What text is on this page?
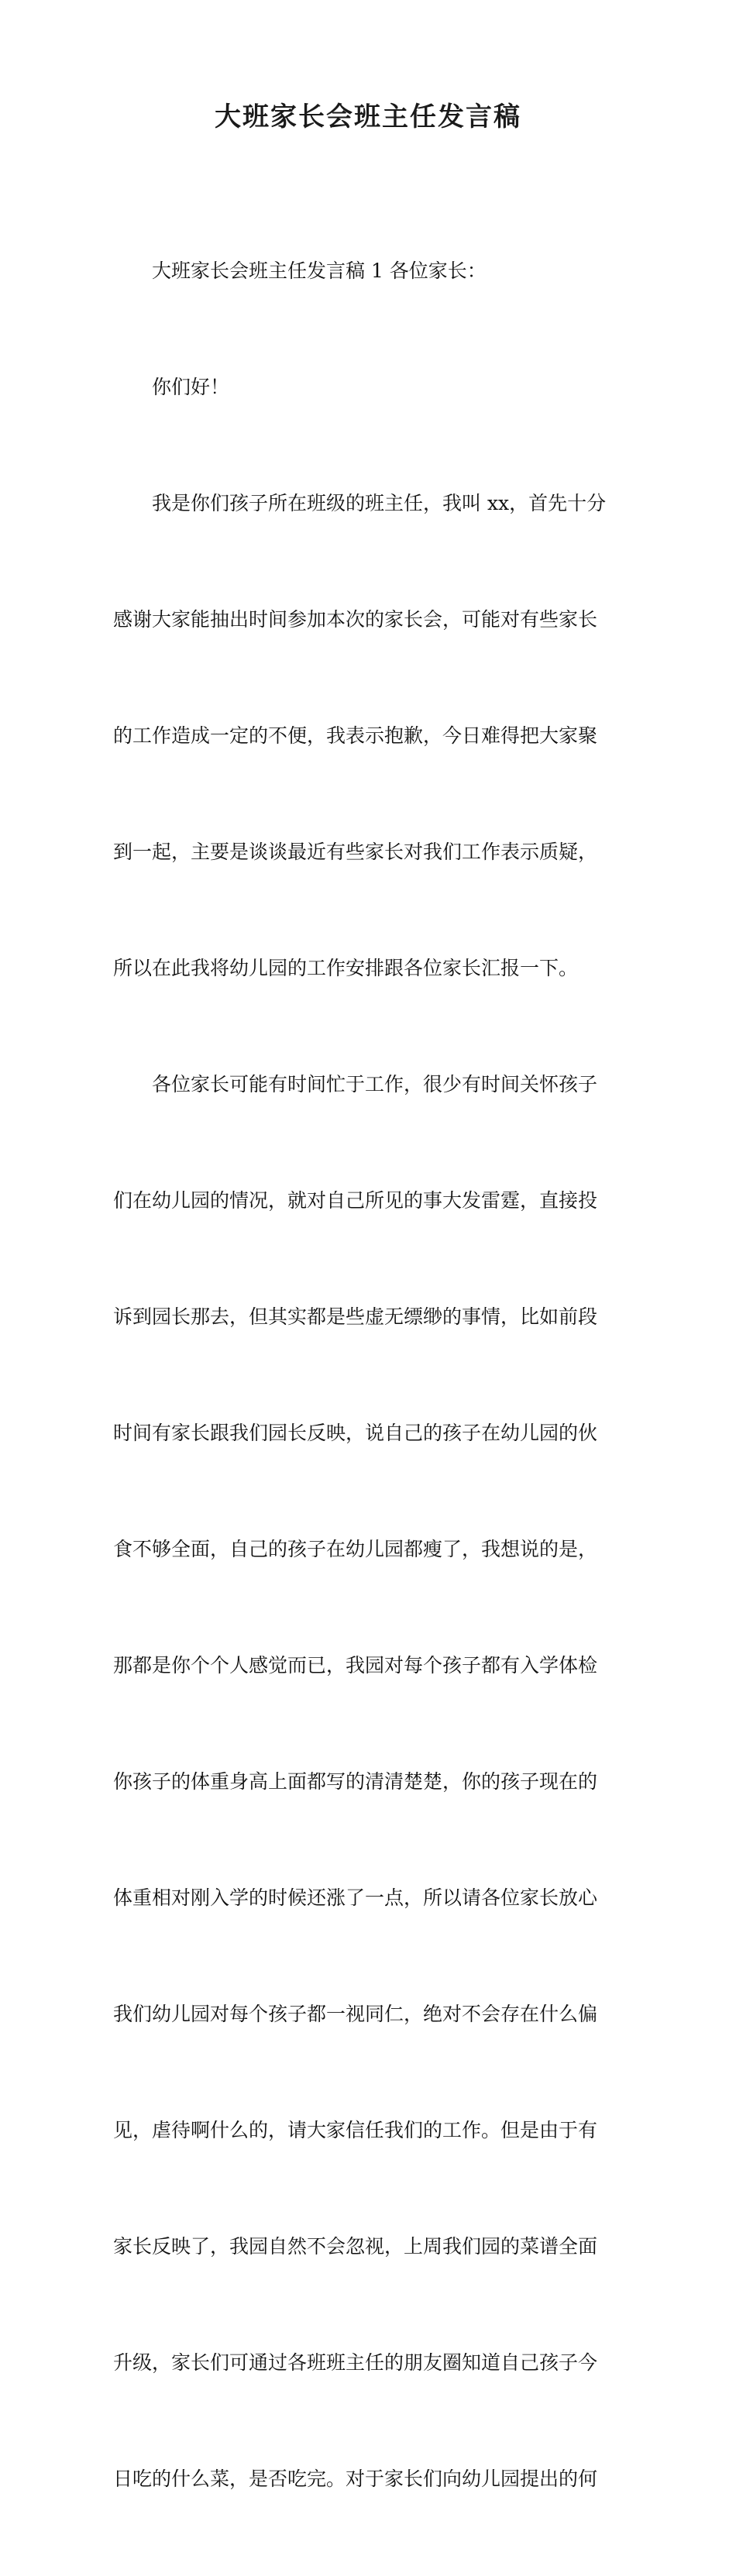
大班家长会班主任发言稿

大班家长会班主任发言稿 1 各位家长：

你们好！

我是你们孩子所在班级的班主任，我叫 xx，首先十分

感谢大家能抽出时间参加本次的家长会，可能对有些家长

的工作造成一定的不便，我表示抱歉，今日难得把大家聚

到一起，主要是谈谈最近有些家长对我们工作表示质疑，

所以在此我将幼儿园的工作安排跟各位家长汇报一下。

各位家长可能有时间忙于工作，很少有时间关怀孩子

们在幼儿园的情况，就对自己所见的事大发雷霆，直接投

诉到园长那去，但其实都是些虚无缥缈的事情，比如前段

时间有家长跟我们园长反映，说自己的孩子在幼儿园的伙

食不够全面，自己的孩子在幼儿园都瘦了，我想说的是，

那都是你个个人感觉而已，我园对每个孩子都有入学体检

你孩子的体重身高上面都写的清清楚楚，你的孩子现在的

体重相对刚入学的时候还涨了一点，所以请各位家长放心

我们幼儿园对每个孩子都一视同仁，绝对不会存在什么偏

见，虐待啊什么的，请大家信任我们的工作。但是由于有

家长反映了，我园自然不会忽视，上周我们园的菜谱全面

升级，家长们可通过各班班主任的朋友圈知道自己孩子今

日吃的什么菜，是否吃完。对于家长们向幼儿园提出的何
